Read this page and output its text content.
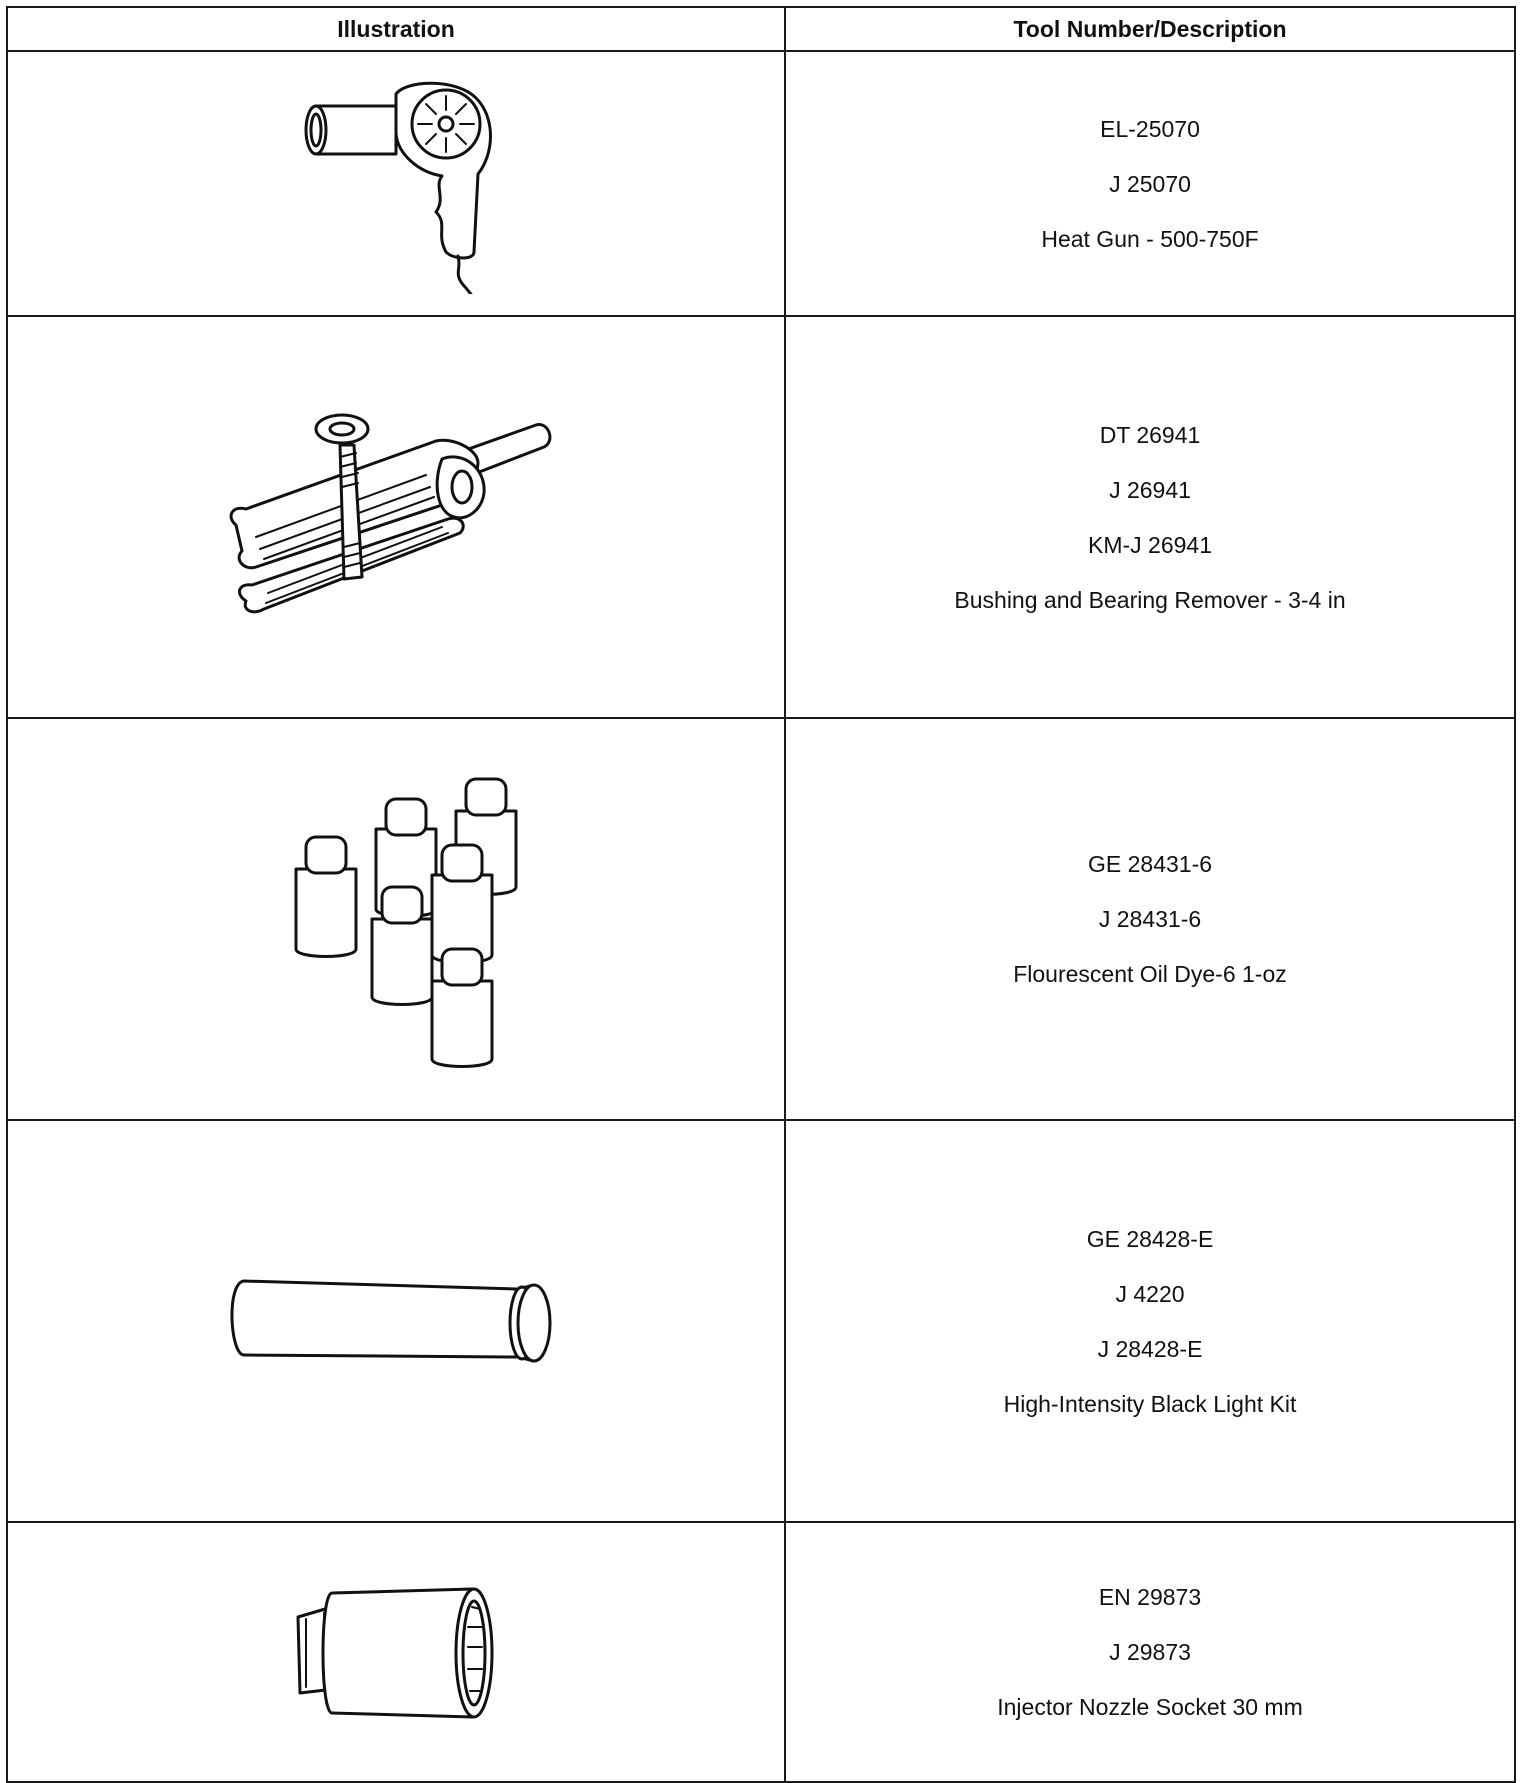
Illustration	Tool Number/Description

EL-25070
J 25070
Heat Gun - 500-750F

DT 26941
J 26941
KM-J 26941
Bushing and Bearing Remover - 3-4 in

GE 28431-6
J 28431-6
Flourescent Oil Dye-6 1-oz

GE 28428-E
J 4220
J 28428-E
High-Intensity Black Light Kit

EN 29873
J 29873
Injector Nozzle Socket 30 mm
